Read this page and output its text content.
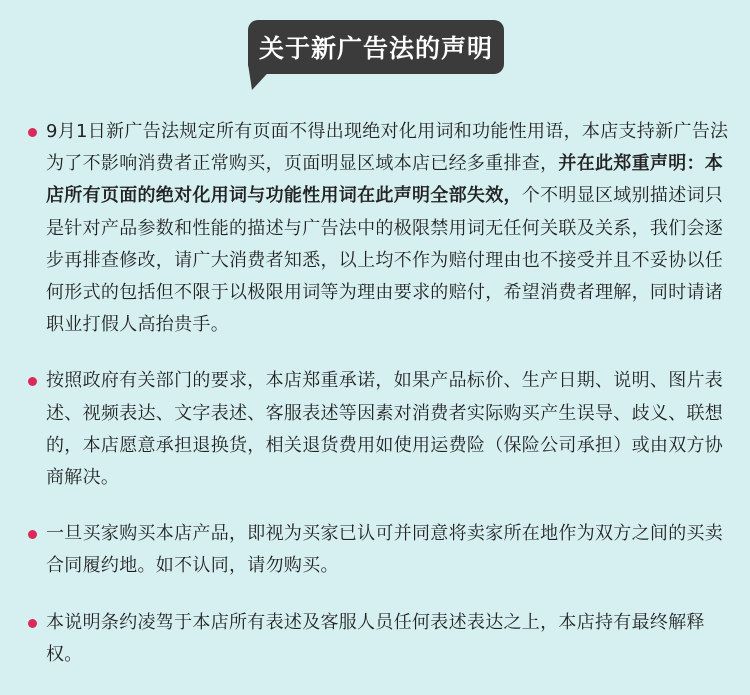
关于新广告法的声明
9月1日新广告法规定所有页面不得出现绝对化用词和功能性用语，本店支持新广告法为了不影响消费者正常购买，页面明显区域本店已经多重排查，并在此郑重声明：本店所有页面的绝对化用词与功能性用词在此声明全部失效，个不明显区域别描述词只是针对产品参数和性能的描述与广告法中的极限禁用词无任何关联及关系，我们会逐步再排查修改，请广大消费者知悉，以上均不作为赔付理由也不接受并且不妥协以任何形式的包括但不限于以极限用词等为理由要求的赔付，希望消费者理解，同时请诸职业打假人高抬贵手。
按照政府有关部门的要求，本店郑重承诺，如果产品标价、生产日期、说明、图片表述、视频表达、文字表述、客服表述等因素对消费者实际购买产生误导、歧义、联想的，本店愿意承担退换货，相关退货费用如使用运费险（保险公司承担）或由双方协商解决。
一旦买家购买本店产品，即视为买家已认可并同意将卖家所在地作为双方之间的买卖合同履约地。如不认同，请勿购买。
本说明条约凌驾于本店所有表述及客服人员任何表述表达之上，本店持有最终解释权。
